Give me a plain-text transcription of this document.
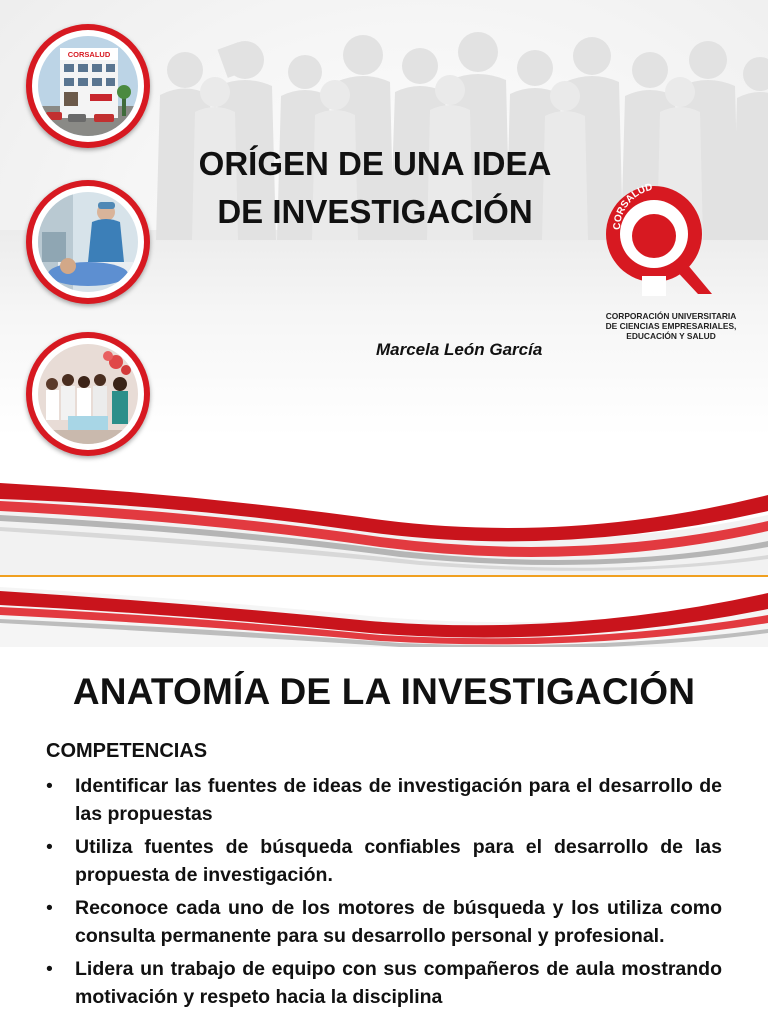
CORSALUD
ORÍGEN DE UNA IDEA
DE INVESTIGACIÓN
Marcela León García
CORSALUD
CORPORACIÓN UNIVERSITARIA
DE CIENCIAS EMPRESARIALES,
EDUCACIÓN Y SALUD
ANATOMÍA DE LA INVESTIGACIÓN
COMPETENCIAS
• Identificar las fuentes de ideas de investigación para el desarrollo de las propuestas
• Utiliza fuentes de búsqueda confiables para el desarrollo de las propuesta de investigación.
• Reconoce cada uno de los motores de búsqueda y los utiliza como consulta permanente para su desarrollo personal y profesional.
• Lidera un trabajo de equipo con sus compañeros de aula mostrando motivación y respeto hacia la disciplina
